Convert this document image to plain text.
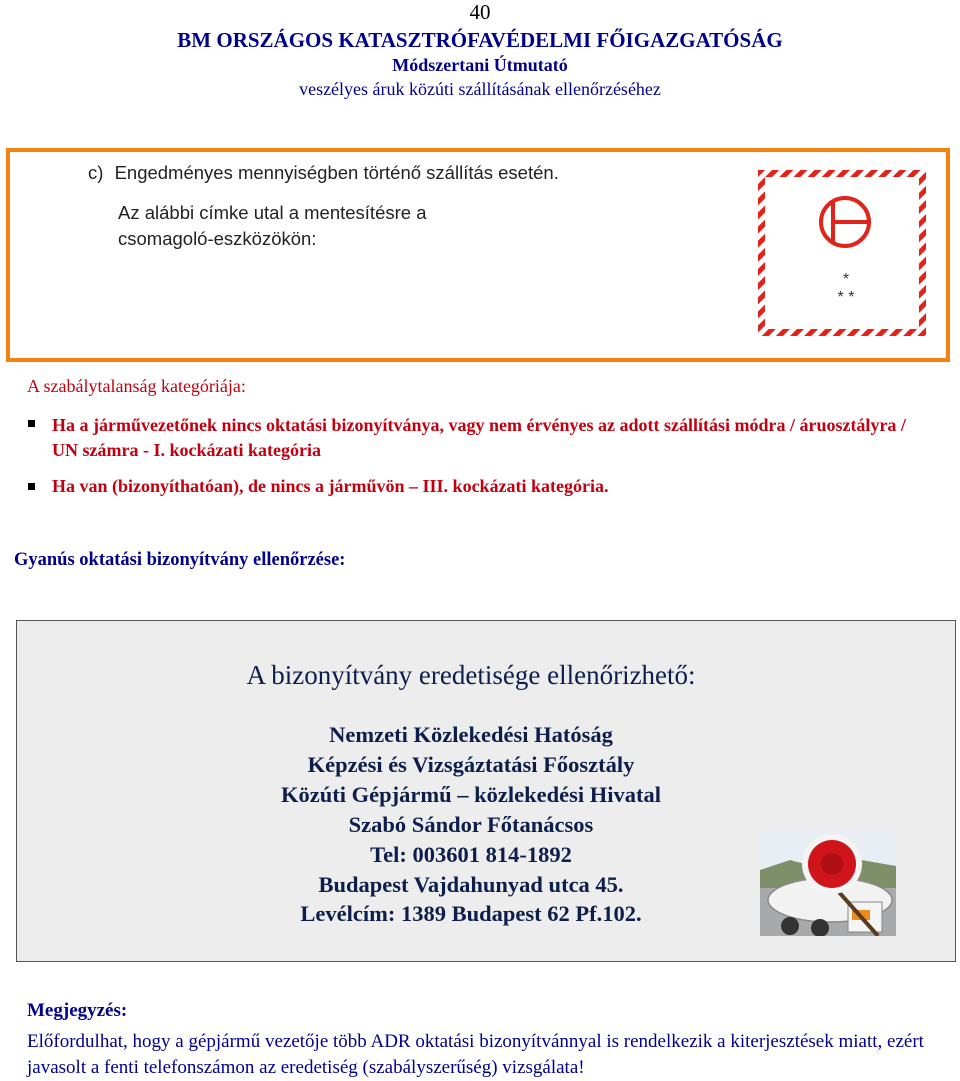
40
BM ORSZÁGOS KATASZTRÓFAVÉDELMI FŐIGAZGATÓSÁG
Módszertani Útmutató
veszélyes áruk közúti szállításának ellenőrzéséhez
c) Engedményes mennyiségben történő szállítás esetén.
Az alábbi címke utal a mentesítésre a csomagoló-eszközökön:
*
* *
A szabálytalanság kategóriája:
Ha a járművezetőnek nincs oktatási bizonyítványa, vagy nem érvényes az adott szállítási módra / áruosztályra / UN számra - I. kockázati kategória
Ha van (bizonyíthatóan), de nincs a járművön – III. kockázati kategória.
Gyanús oktatási bizonyítvány ellenőrzése:
A bizonyítvány eredetisége ellenőrizhető:
Nemzeti Közlekedési Hatóság
Képzési és Vizsgáztatási Főosztály
Közúti Gépjármű – közlekedési Hivatal
Szabó Sándor Főtanácsos
Tel: 003601 814-1892
Budapest Vajdahunyad utca 45.
Levélcím: 1389 Budapest 62 Pf.102.
Megjegyzés:
Előfordulhat, hogy a gépjármű vezetője több ADR oktatási bizonyítvánnyal is rendelkezik a kiterjesztések miatt, ezért javasolt a fenti telefonszámon az eredetiség (szabályszerűség) vizsgálata!
